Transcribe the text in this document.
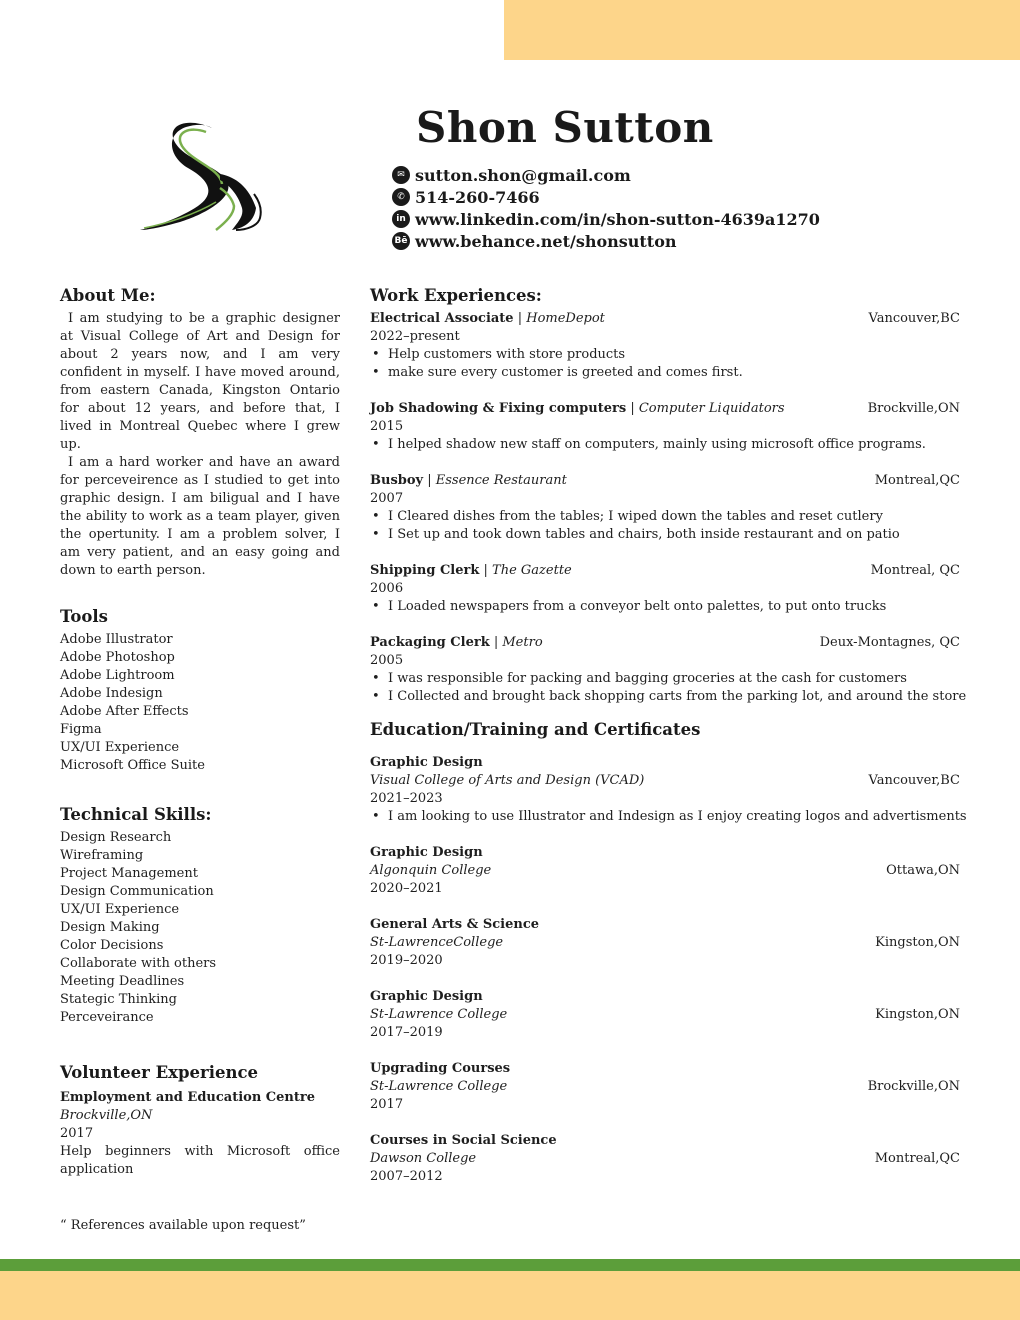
Shon Sutton
✉ sutton.shon@gmail.com
✆ 514-260-7466
in www.linkedin.com/in/shon-sutton-4639a1270
Bē www.behance.net/shonsutton
About Me:

I am studying to be a graphic designer at Visual College of Art and Design for about 2 years now, and I am very confident in myself. I have moved around, from eastern Canada, Kingston Ontario for about 12 years, and before that, I lived in Montreal Quebec where I grew up.

I am a hard worker and have an award for perceveirence as I studied to get into graphic design. I am biligual and I have the ability to work as a team player, given the opertunity. I am a problem solver, I am very patient, and an easy going and down to earth person.

Tools
Adobe Illustrator
Adobe Photoshop
Adobe Lightroom
Adobe Indesign
Adobe After Effects
Figma
UX/UI Experience
Microsoft Office Suite
Technical Skills:
Design Research
Wireframing
Project Management
Design Communication
UX/UI Experience
Design Making
Color Decisions
Collaborate with others
Meeting Deadlines
Stategic Thinking
Perceveirance
Volunteer Experience
Employment and Education Centre
Brockville,ON
2017
Help beginners with Microsoft office application
“ References available upon request”
Work Experiences:
Electrical Associate | HomeDepot	Vancouver,BC
2022–present
• Help customers with store products
• make sure every customer is greeted and comes first.
Job Shadowing & Fixing computers | Computer Liquidators	Brockville,ON
2015
• I helped shadow new staff on computers, mainly using microsoft office programs.
Busboy | Essence Restaurant	Montreal,QC
2007
• I Cleared dishes from the tables; I wiped down the tables and reset cutlery
• I Set up and took down tables and chairs, both inside restaurant and on patio
Shipping Clerk | The Gazette	Montreal, QC
2006
• I Loaded newspapers from a conveyor belt onto palettes, to put onto trucks
Packaging Clerk | Metro	Deux-Montagnes, QC
2005
• I was responsible for packing and bagging groceries at the cash for customers
• I Collected and brought back shopping carts from the parking lot, and around the store
Education/Training and Certificates
Graphic Design
Visual College of Arts and Design (VCAD)	Vancouver,BC
2021–2023
• I am looking to use Illustrator and Indesign as I enjoy creating logos and advertisments
Graphic Design
Algonquin College	Ottawa,ON
2020–2021
General Arts & Science
St-LawrenceCollege	Kingston,ON
2019–2020
Graphic Design
St-Lawrence College	Kingston,ON
2017–2019
Upgrading Courses
St-Lawrence College	Brockville,ON
2017
Courses in Social Science
Dawson College	Montreal,QC
2007–2012
